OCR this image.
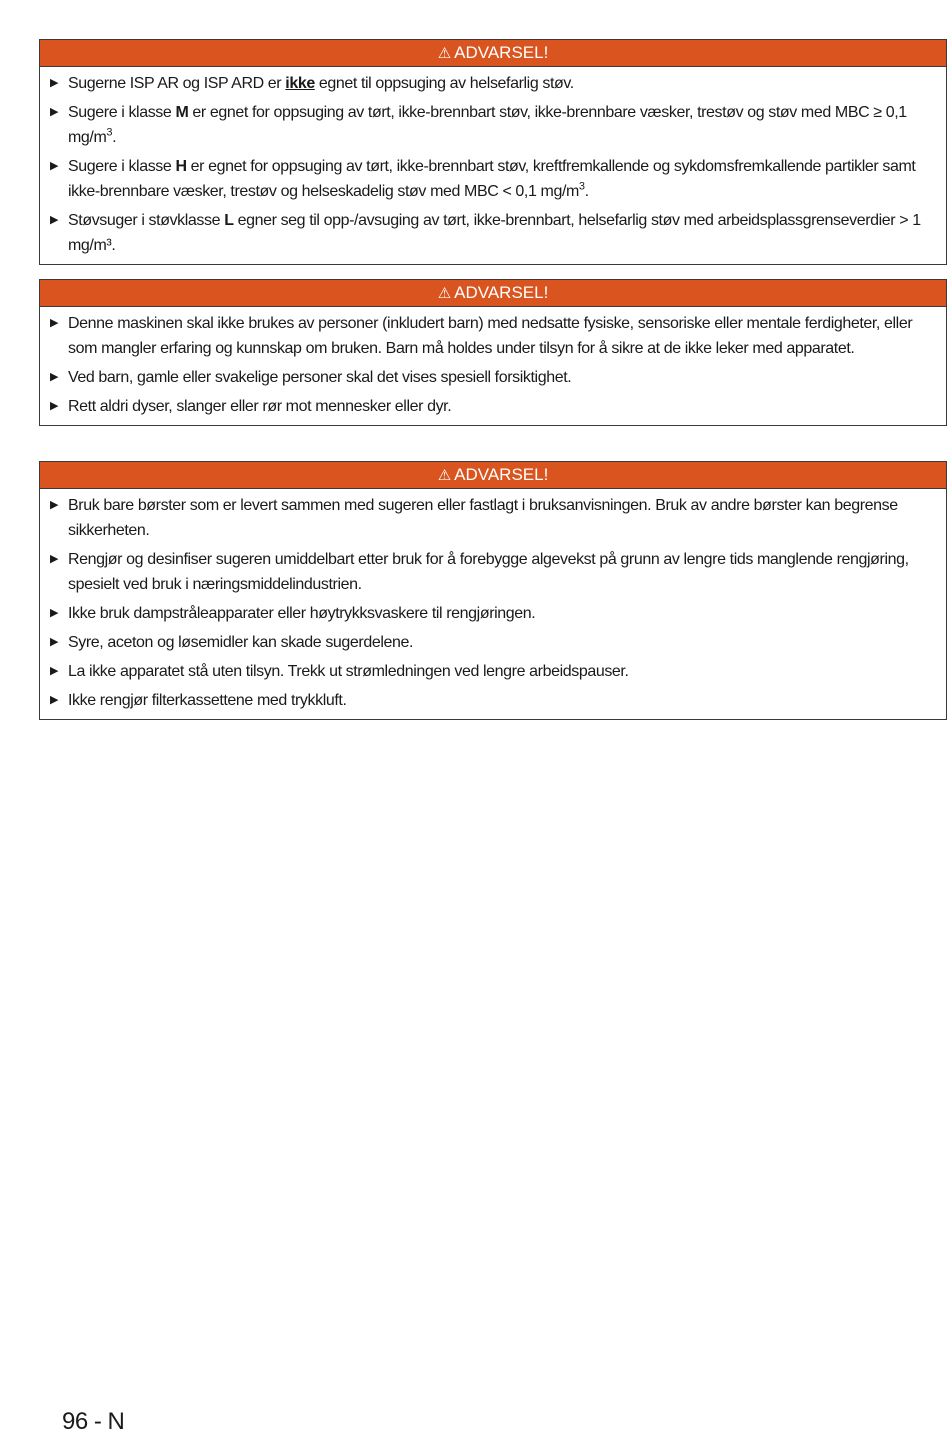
⚠ ADVARSEL!
▶ Sugerne ISP AR og ISP ARD er ikke egnet til oppsuging av helsefarlig støv.
▶ Sugere i klasse M er egnet for oppsuging av tørt, ikke-brennbart støv, ikke-brennbare væsker, trestøv og støv med MBC ≥ 0,1 $mg/m^3$.
▶ Sugere i klasse H er egnet for oppsuging av tørt, ikke-brennbart støv, kreftfremkallende og sykdomsfremkallende partikler samt ikke-brennbare væsker, trestøv og helseskadelig støv med MBC < 0,1 $mg/m^3$.
▶ Støvsuger i støvklasse L egner seg til opp-/avsuging av tørt, ikke-brennbart, helsefarlig støv med arbeidsplassgrenseverdier > 1 mg/m³.
⚠ ADVARSEL!
▶ Denne maskinen skal ikke brukes av personer (inkludert barn) med nedsatte fysiske, sensoriske eller mentale ferdigheter, eller som mangler erfaring og kunnskap om bruken. Barn må holdes under tilsyn for å sikre at de ikke leker med apparatet.
▶ Ved barn, gamle eller svakelige personer skal det vises spesiell forsiktighet.
▶ Rett aldri dyser, slanger eller rør mot mennesker eller dyr.
⚠ ADVARSEL!
▶ Bruk bare børster som er levert sammen med sugeren eller fastlagt i bruksanvisningen. Bruk av andre børster kan begrense sikkerheten.
▶ Rengjør og desinfiser sugeren umiddelbart etter bruk for å forebygge algevekst på grunn av lengre tids manglende rengjøring, spesielt ved bruk i næringsmiddelindustrien.
▶ Ikke bruk dampstråleapparater eller høytrykksvaskere til rengjøringen.
▶ Syre, aceton og løsemidler kan skade sugerdelene.
▶ La ikke apparatet stå uten tilsyn. Trekk ut strømledningen ved lengre arbeidspauser.
▶ Ikke rengjør filterkassettene med trykkluft.
96 - N
